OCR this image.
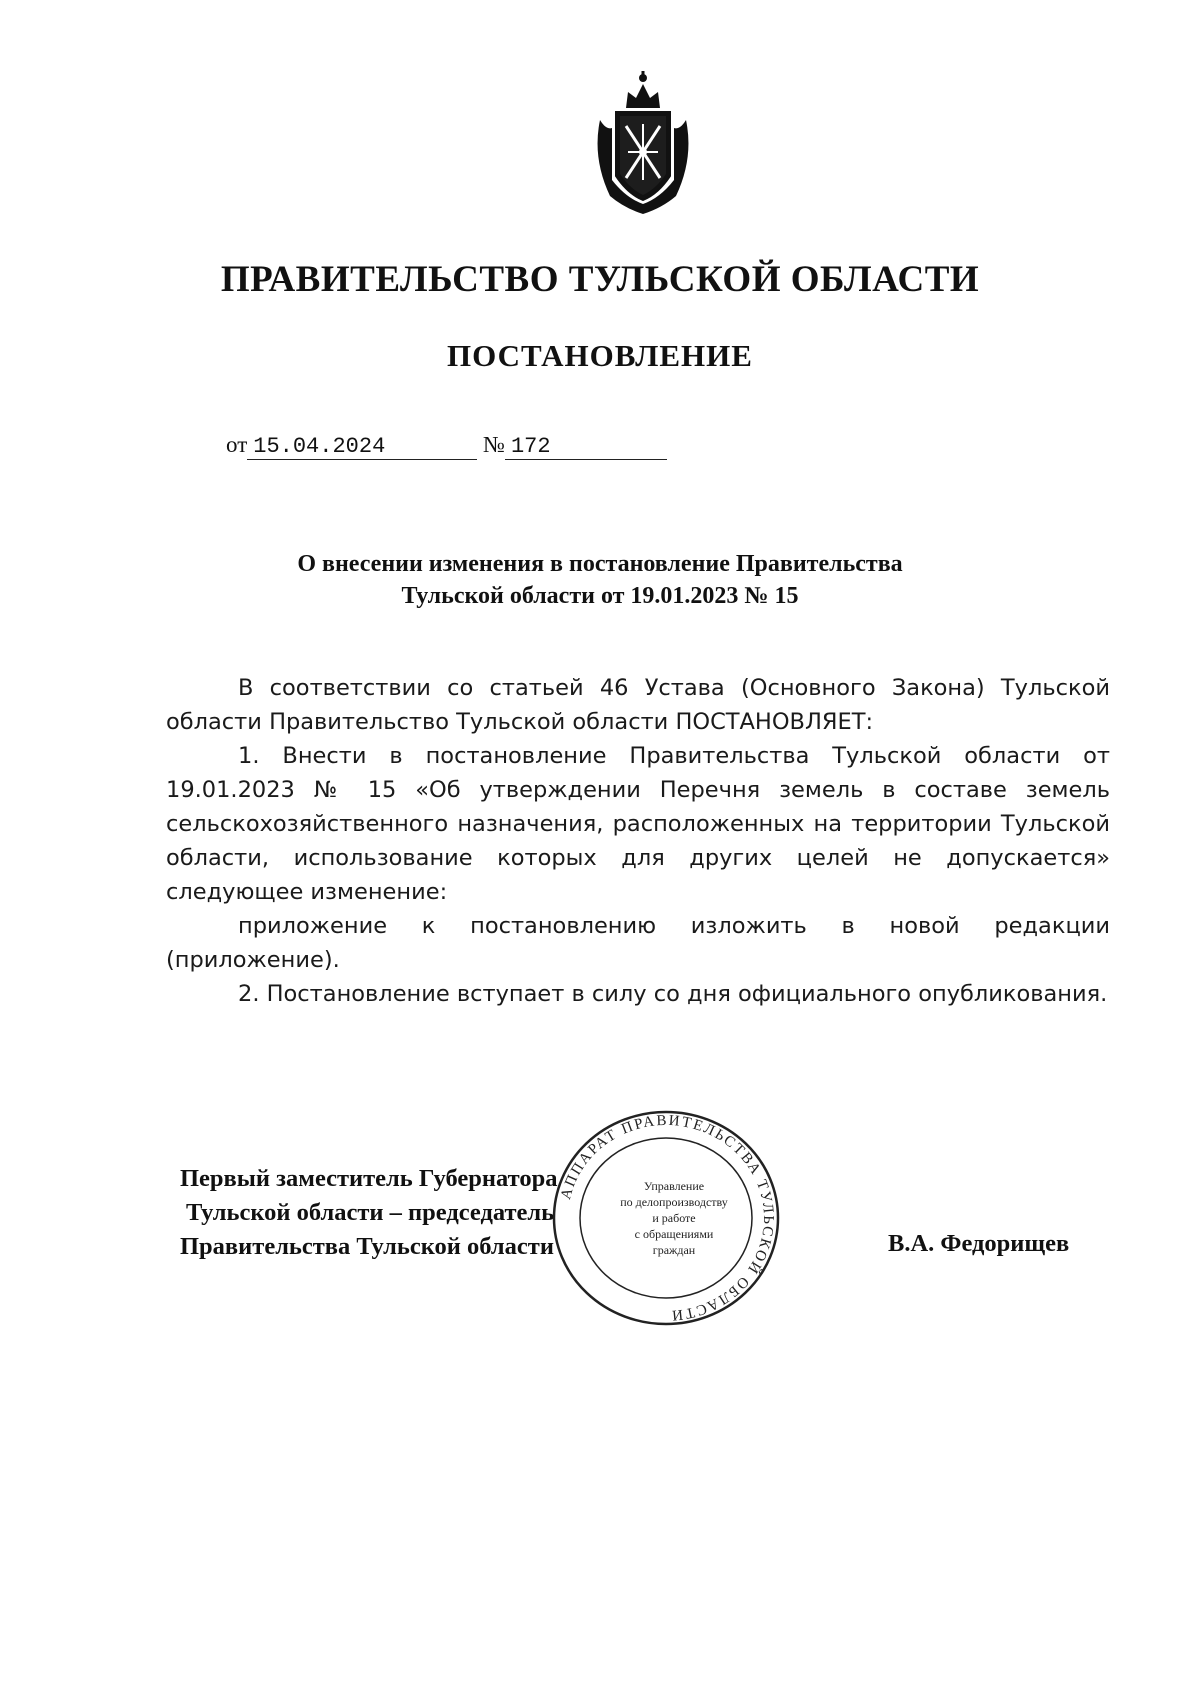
ПРАВИТЕЛЬСТВО ТУЛЬСКОЙ ОБЛАСТИ
ПОСТАНОВЛЕНИЕ
от 15.04.2024	№ 172
О внесении изменения в постановление Правительства
Тульской области от 19.01.2023 № 15

В соответствии со статьей 46 Устава (Основного Закона) Тульской области Правительство Тульской области ПОСТАНОВЛЯЕТ:

1. Внести в постановление Правительства Тульской области от 19.01.2023 № 15 «Об утверждении Перечня земель в составе земель сельскохозяйственного назначения, расположенных на территории Тульской области, использование которых для других целей не допускается» следующее изменение:

приложение к постановлению изложить в новой редакции (приложение).

2. Постановление вступает в силу со дня официального опубликования.

Первый заместитель Губернатора
Тульской области – председатель
Правительства Тульской области	В.А. Федорищев
АППАРАТ ПРАВИТЕЛЬСТВА ТУЛЬСКОЙ ОБЛАСТИ
Управление
по делопроизводству
и работе
с обращениями
граждан
